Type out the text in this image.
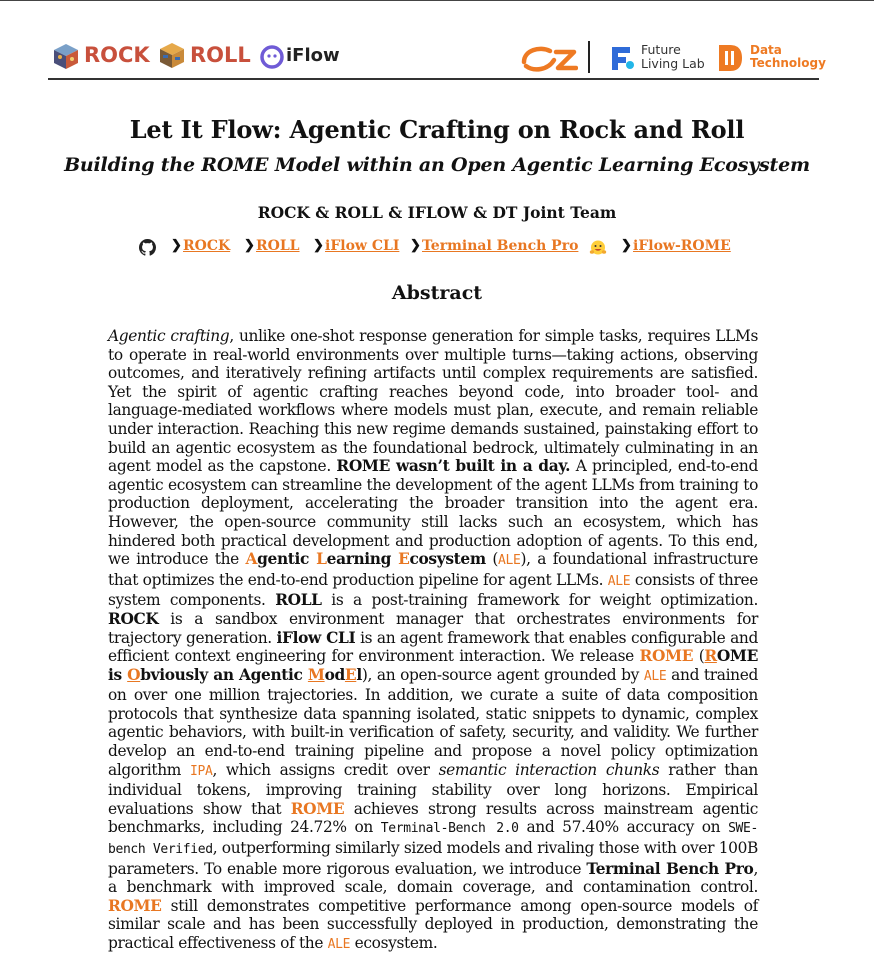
ROCK ROLL iFlow	Future
Living Lab
Data
Technology
Let It Flow: Agentic Crafting on Rock and Roll
Building the ROME Model within an Open Agentic Learning Ecosystem
ROCK & ROLL & IFLOW & DT Joint Team
❯ ROCK ❯ ROLL ❯ iFlow CLI ❯ Terminal Bench Pro	❯ iFlow-ROME
Abstract
Agentic crafting, unlike one-shot response generation for simple tasks, requires LLMs to operate in real-world environments over multiple turns—taking actions, observing outcomes, and iteratively refining artifacts until complex requirements are satisfied. Yet the spirit of agentic crafting reaches beyond code, into broader tool- and language-mediated workflows where models must plan, execute, and remain reliable under interaction. Reaching this new regime demands sustained, painstaking effort to build an agentic ecosystem as the foundational bedrock, ultimately culminating in an agent model as the capstone. ROME wasn’t built in a day. A principled, end-to-end agentic ecosystem can streamline the development of the agent LLMs from training to production deployment, accelerating the broader transition into the agent era. However, the open-source community still lacks such an ecosystem, which has hindered both practical development and production adoption of agents. To this end, we introduce the Agentic Learning Ecosystem (ALE), a foundational infrastructure that optimizes the end-to-end production pipeline for agent LLMs. ALE consists of three system components. ROLL is a post-training framework for weight optimization. ROCK is a sandbox environment manager that orchestrates environments for trajectory generation. iFlow CLI is an agent framework that enables configurable and efficient context engineering for environment interaction. We release ROME (ROME is Obviously an Agentic ModEl), an open-source agent grounded by ALE and trained on over one million trajectories. In addition, we curate a suite of data composition protocols that synthesize data spanning isolated, static snippets to dynamic, complex agentic behaviors, with built-in verification of safety, security, and validity. We further develop an end-to-end training pipeline and propose a novel policy optimization algorithm IPA, which assigns credit over semantic interaction chunks rather than individual tokens, improving training stability over long horizons. Empirical evaluations show that ROME achieves strong results across mainstream agentic benchmarks, including 24.72% on Terminal-Bench 2.0 and 57.40% accuracy on SWE-bench Verified, outperforming similarly sized models and rivaling those with over 100B parameters. To enable more rigorous evaluation, we introduce Terminal Bench Pro, a benchmark with improved scale, domain coverage, and contamination control. ROME still demonstrates competitive performance among open-source models of similar scale and has been successfully deployed in production, demonstrating the practical effectiveness of the ALE ecosystem.
